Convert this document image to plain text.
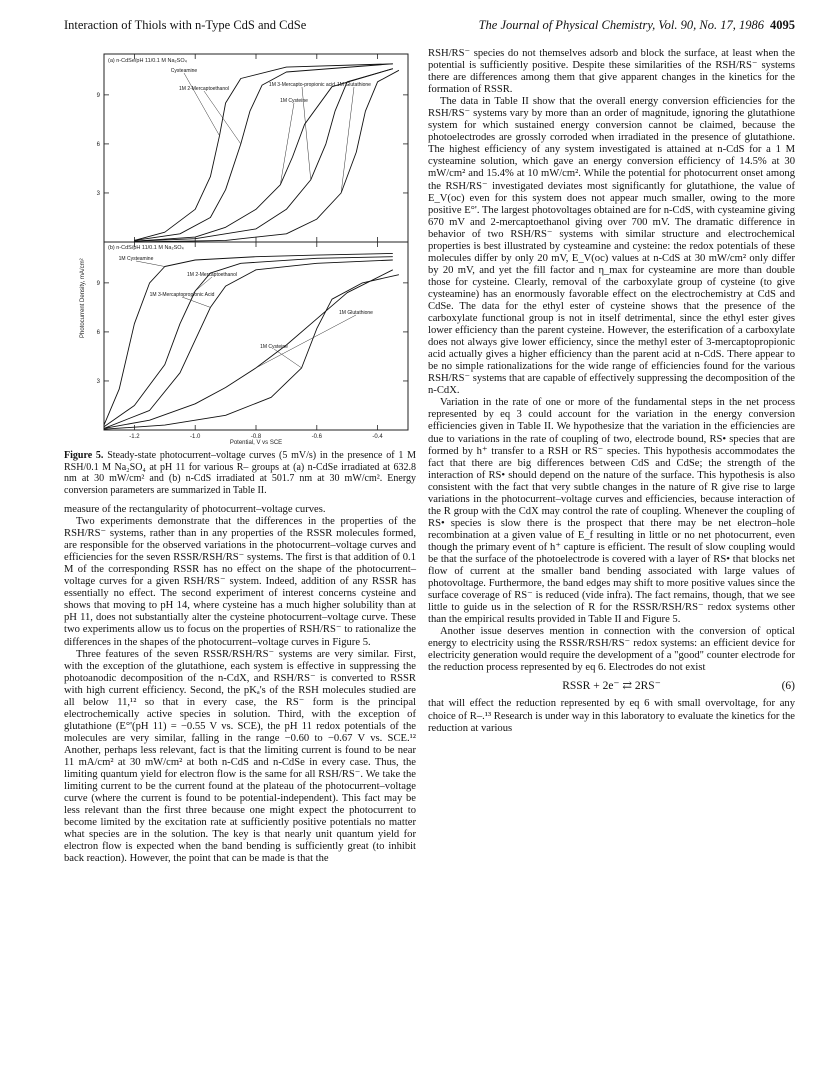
Interaction of Thiols with n-Type CdS and CdSe	The Journal of Physical Chemistry, Vol. 90, No. 17, 1986 4095
(a) n-CdSe/pH 11/0.1 M Na₂SO₄
(b) n-CdS/pH 11/0.1 M Na₂SO₄
Photocurrent Density, mA/cm²
Potential, V vs SCE
3
6
9
Cysteamine
1M 2-Mercaptoethanol
1M Cysteine
1M 3-Mercapto-propionic acid 1M Glutathione
3
6
9
-1.2	-1.0	-0.8	-0.6	-0.4
1M Cysteamine
1M 2-Mercaptoethanol
1M 3-Mercaptopropionic Acid
1M Glutathione
1M Cysteine
Figure 5. Steady-state photocurrent–voltage curves (5 mV/s) in the presence of 1 M RSH/0.1 M Na₂SO₄ at pH 11 for various R– groups at (a) n-CdSe irradiated at 632.8 nm at 30 mW/cm² and (b) n-CdS irradiated at 501.7 nm at 30 mW/cm². Energy conversion parameters are summarized in Table II.

measure of the rectangularity of photocurrent–voltage curves.

Two experiments demonstrate that the differences in the properties of the RSH/RS⁻ systems, rather than in any properties of the RSSR molecules formed, are responsible for the observed variations in the photocurrent–voltage curves and efficiencies for the seven RSSR/RSH/RS⁻ systems. The first is that addition of 0.1 M of the corresponding RSSR has no effect on the shape of the photocurrent–voltage curves for a given RSH/RS⁻ system. Indeed, addition of any RSSR has essentially no effect. The second experiment of interest concerns cysteine and shows that moving to pH 14, where cysteine has a much higher solubility than at pH 11, does not substantially alter the cysteine photocurrent–voltage curve. These two experiments allow us to focus on the properties of RSH/RS⁻ to rationalize the differences in the shapes of the photocurrent–voltage curves in Figure 5.

Three features of the seven RSSR/RSH/RS⁻ systems are very similar. First, with the exception of the glutathione, each system is effective in suppressing the photoanodic decomposition of the n-CdX, and RSH/RS⁻ is converted to RSSR with high current efficiency. Second, the pKₐ's of the RSH molecules studied are all below 11,¹² so that in every case, the RS⁻ form is the principal electrochemically active species in solution. Third, with the exception of glutathione (E°'(pH 11) = −0.55 V vs. SCE), the pH 11 redox potentials of the molecules are very similar, falling in the range −0.60 to −0.67 V vs. SCE.¹² Another, perhaps less relevant, fact is that the limiting current is found to be near 11 mA/cm² at 30 mW/cm² at both n-CdS and n-CdSe in every case. Thus, the limiting quantum yield for electron flow is the same for all RSH/RS⁻. We take the limiting current to be the current found at the plateau of the photocurrent–voltage curve (where the current is found to be potential-independent). This fact may be less relevant than the first three because one might expect the photocurrent to become limited by the excitation rate at sufficiently positive potentials no matter what species are in the solution. The key is that nearly unit quantum yield for electron flow is expected when the band bending is sufficiently great (to inhibit back reaction). However, the point that can be made is that the

RSH/RS⁻ species do not themselves adsorb and block the surface, at least when the potential is sufficiently positive. Despite these similarities of the RSH/RS⁻ systems there are differences among them that give apparent changes in the kinetics for the formation of RSSR.

The data in Table II show that the overall energy conversion efficiencies for the RSH/RS⁻ systems vary by more than an order of magnitude, ignoring the glutathione system for which sustained energy conversion cannot be claimed, because the photoelectrodes are grossly corroded when irradiated in the presence of glutathione. The highest efficiency of any system investigated is attained at n-CdS for a 1 M cysteamine solution, which gave an energy conversion efficiency of 14.5% at 30 mW/cm² and 15.4% at 10 mW/cm². While the potential for photocurrent onset among the RSH/RS⁻ investigated deviates most significantly for glutathione, the value of E_V(oc) even for this system does not appear much smaller, owing to the more positive E°'. The largest photovoltages obtained are for n-CdS, with cysteamine giving 670 mV and 2-mercaptoethanol giving over 700 mV. The dramatic difference in behavior of two RSH/RS⁻ systems with similar structure and electrochemical properties is best illustrated by cysteamine and cysteine: the redox potentials of these molecules differ by only 20 mV, E_V(oc) values at n-CdS at 30 mW/cm² only differ by 20 mV, and yet the fill factor and η_max for cysteamine are more than double those for cysteine. Clearly, removal of the carboxylate group of cysteine (to give cysteamine) has an enormously favorable effect on the electrochemistry at CdS and CdSe. The data for the ethyl ester of cysteine shows that the presence of the carboxylate functional group is not in itself detrimental, since the ethyl ester gives lower efficiency than the parent cysteine. However, the esterification of a carboxylate does not always give lower efficiency, since the methyl ester of 3-mercaptopropionic acid actually gives a higher efficiency than the parent acid at n-CdS. There appear to be no simple rationalizations for the wide range of efficiencies found for the various RSH/RS⁻ systems that are capable of effectively suppressing the decomposition of the n-CdX.

Variation in the rate of one or more of the fundamental steps in the net process represented by eq 3 could account for the variation in the energy conversion efficiencies given in Table II. We hypothesize that the variation in the efficiencies are due to variations in the rate of coupling of two, electrode bound, RS• species that are formed by h⁺ transfer to a RSH or RS⁻ species. This hypothesis accommodates the fact that there are big differences between CdS and CdSe; the strength of the interaction of RS• should depend on the nature of the surface. This hypothesis is also consistent with the fact that very subtle changes in the nature of R give rise to large variations in the photocurrent–voltage curves and efficiencies, because interaction of the R group with the CdX may control the rate of coupling. Whenever the coupling of RS• species is slow there is the prospect that there may be net electron–hole recombination at a given value of E_f resulting in little or no net photocurrent, even though the primary event of h⁺ capture is efficient. The result of slow coupling would be that the surface of the photoelectrode is covered with a layer of RS• that blocks net flow of current at the smaller band bending associated with large values of photovoltage. Furthermore, the band edges may shift to more positive values since the surface coverage of RS⁻ is reduced (vide infra). The fact remains, though, that we see little to guide us in the selection of R for the RSSR/RSH/RS⁻ redox systems other than the empirical results provided in Table II and Figure 5.

Another issue deserves mention in connection with the conversion of optical energy to electricity using the RSSR/RSH/RS⁻ redox systems: an efficient device for electricity generation would require the development of a "good" counter electrode for the reduction process represented by eq 6. Electrodes do not exist

RSSR + 2e⁻ ⇄ 2RS⁻	(6)

that will effect the reduction represented by eq 6 with small overvoltage, for any choice of R–.¹³ Research is under way in this laboratory to evaluate the kinetics for the reduction at various
